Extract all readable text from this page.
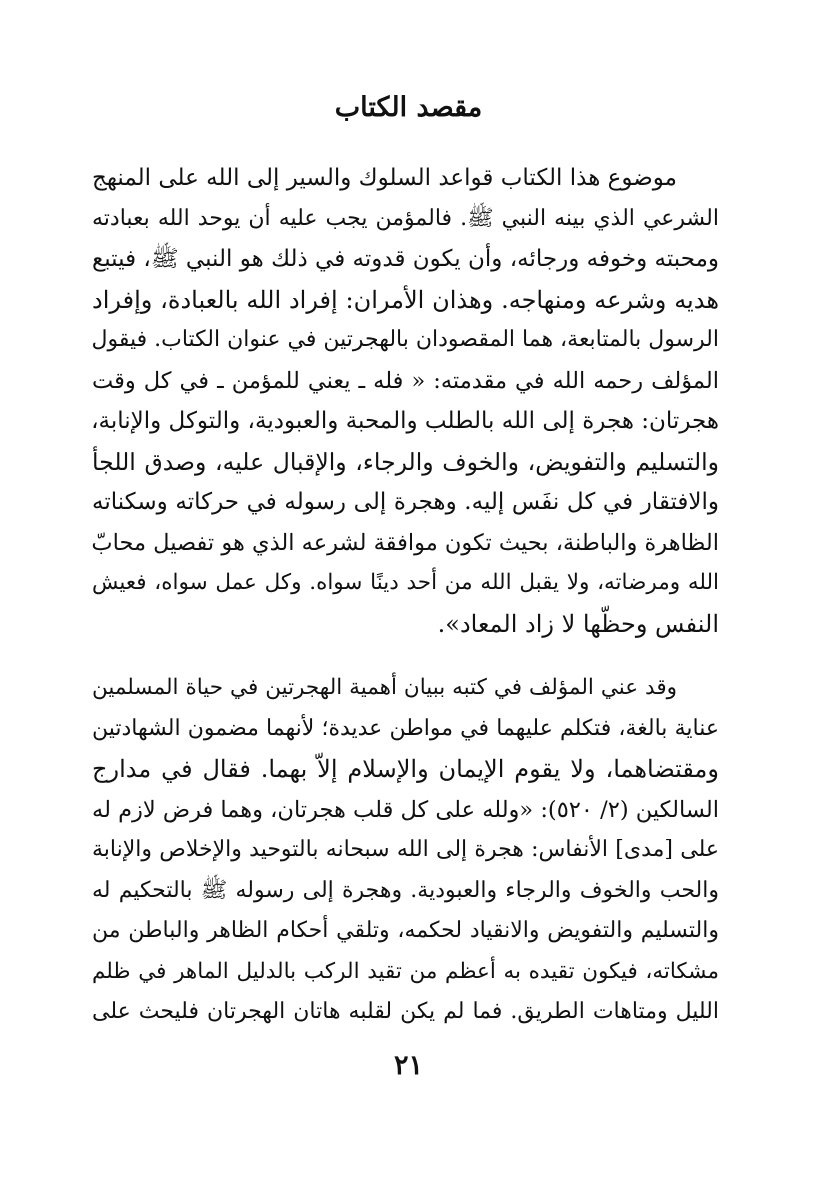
مقصد الكتاب
موضوع هذا الكتاب قواعد السلوك والسير إلى الله على المنهج
الشرعي الذي بينه النبي ﷺ. فالمؤمن يجب عليه أن يوحد الله بعبادته
ومحبته وخوفه ورجائه، وأن يكون قدوته في ذلك هو النبي ﷺ، فيتبع
هديه وشرعه ومنهاجه. وهذان الأمران: إفراد الله بالعبادة، وإفراد
الرسول بالمتابعة، هما المقصودان بالهجرتين في عنوان الكتاب. فيقول
المؤلف رحمه الله في مقدمته: « فله ـ يعني للمؤمن ـ في كل وقت
هجرتان: هجرة إلى الله بالطلب والمحبة والعبودية، والتوكل والإنابة،
والتسليم والتفويض، والخوف والرجاء، والإقبال عليه، وصدق اللجأ
والافتقار في كل نفَس إليه. وهجرة إلى رسوله في حركاته وسكناته
الظاهرة والباطنة، بحيث تكون موافقة لشرعه الذي هو تفصيل محابّ
الله ومرضاته، ولا يقبل الله من أحد دينًا سواه. وكل عمل سواه، فعيش
النفس وحظّها لا زاد المعاد».
وقد عني المؤلف في كتبه ببيان أهمية الهجرتين في حياة المسلمين
عناية بالغة، فتكلم عليهما في مواطن عديدة؛ لأنهما مضمون الشهادتين
ومقتضاهما، ولا يقوم الإيمان والإسلام إلاّ بهما. فقال في مدارج
السالكين (٢/ ٥٢٠): «ولله على كل قلب هجرتان، وهما فرض لازم له
على [مدى] الأنفاس: هجرة إلى الله سبحانه بالتوحيد والإخلاص والإنابة
والحب والخوف والرجاء والعبودية. وهجرة إلى رسوله ﷺ بالتحكيم له
والتسليم والتفويض والانقياد لحكمه، وتلقي أحكام الظاهر والباطن من
مشكاته، فيكون تقيده به أعظم من تقيد الركب بالدليل الماهر في ظلم
الليل ومتاهات الطريق. فما لم يكن لقلبه هاتان الهجرتان فليحث على
٢١
